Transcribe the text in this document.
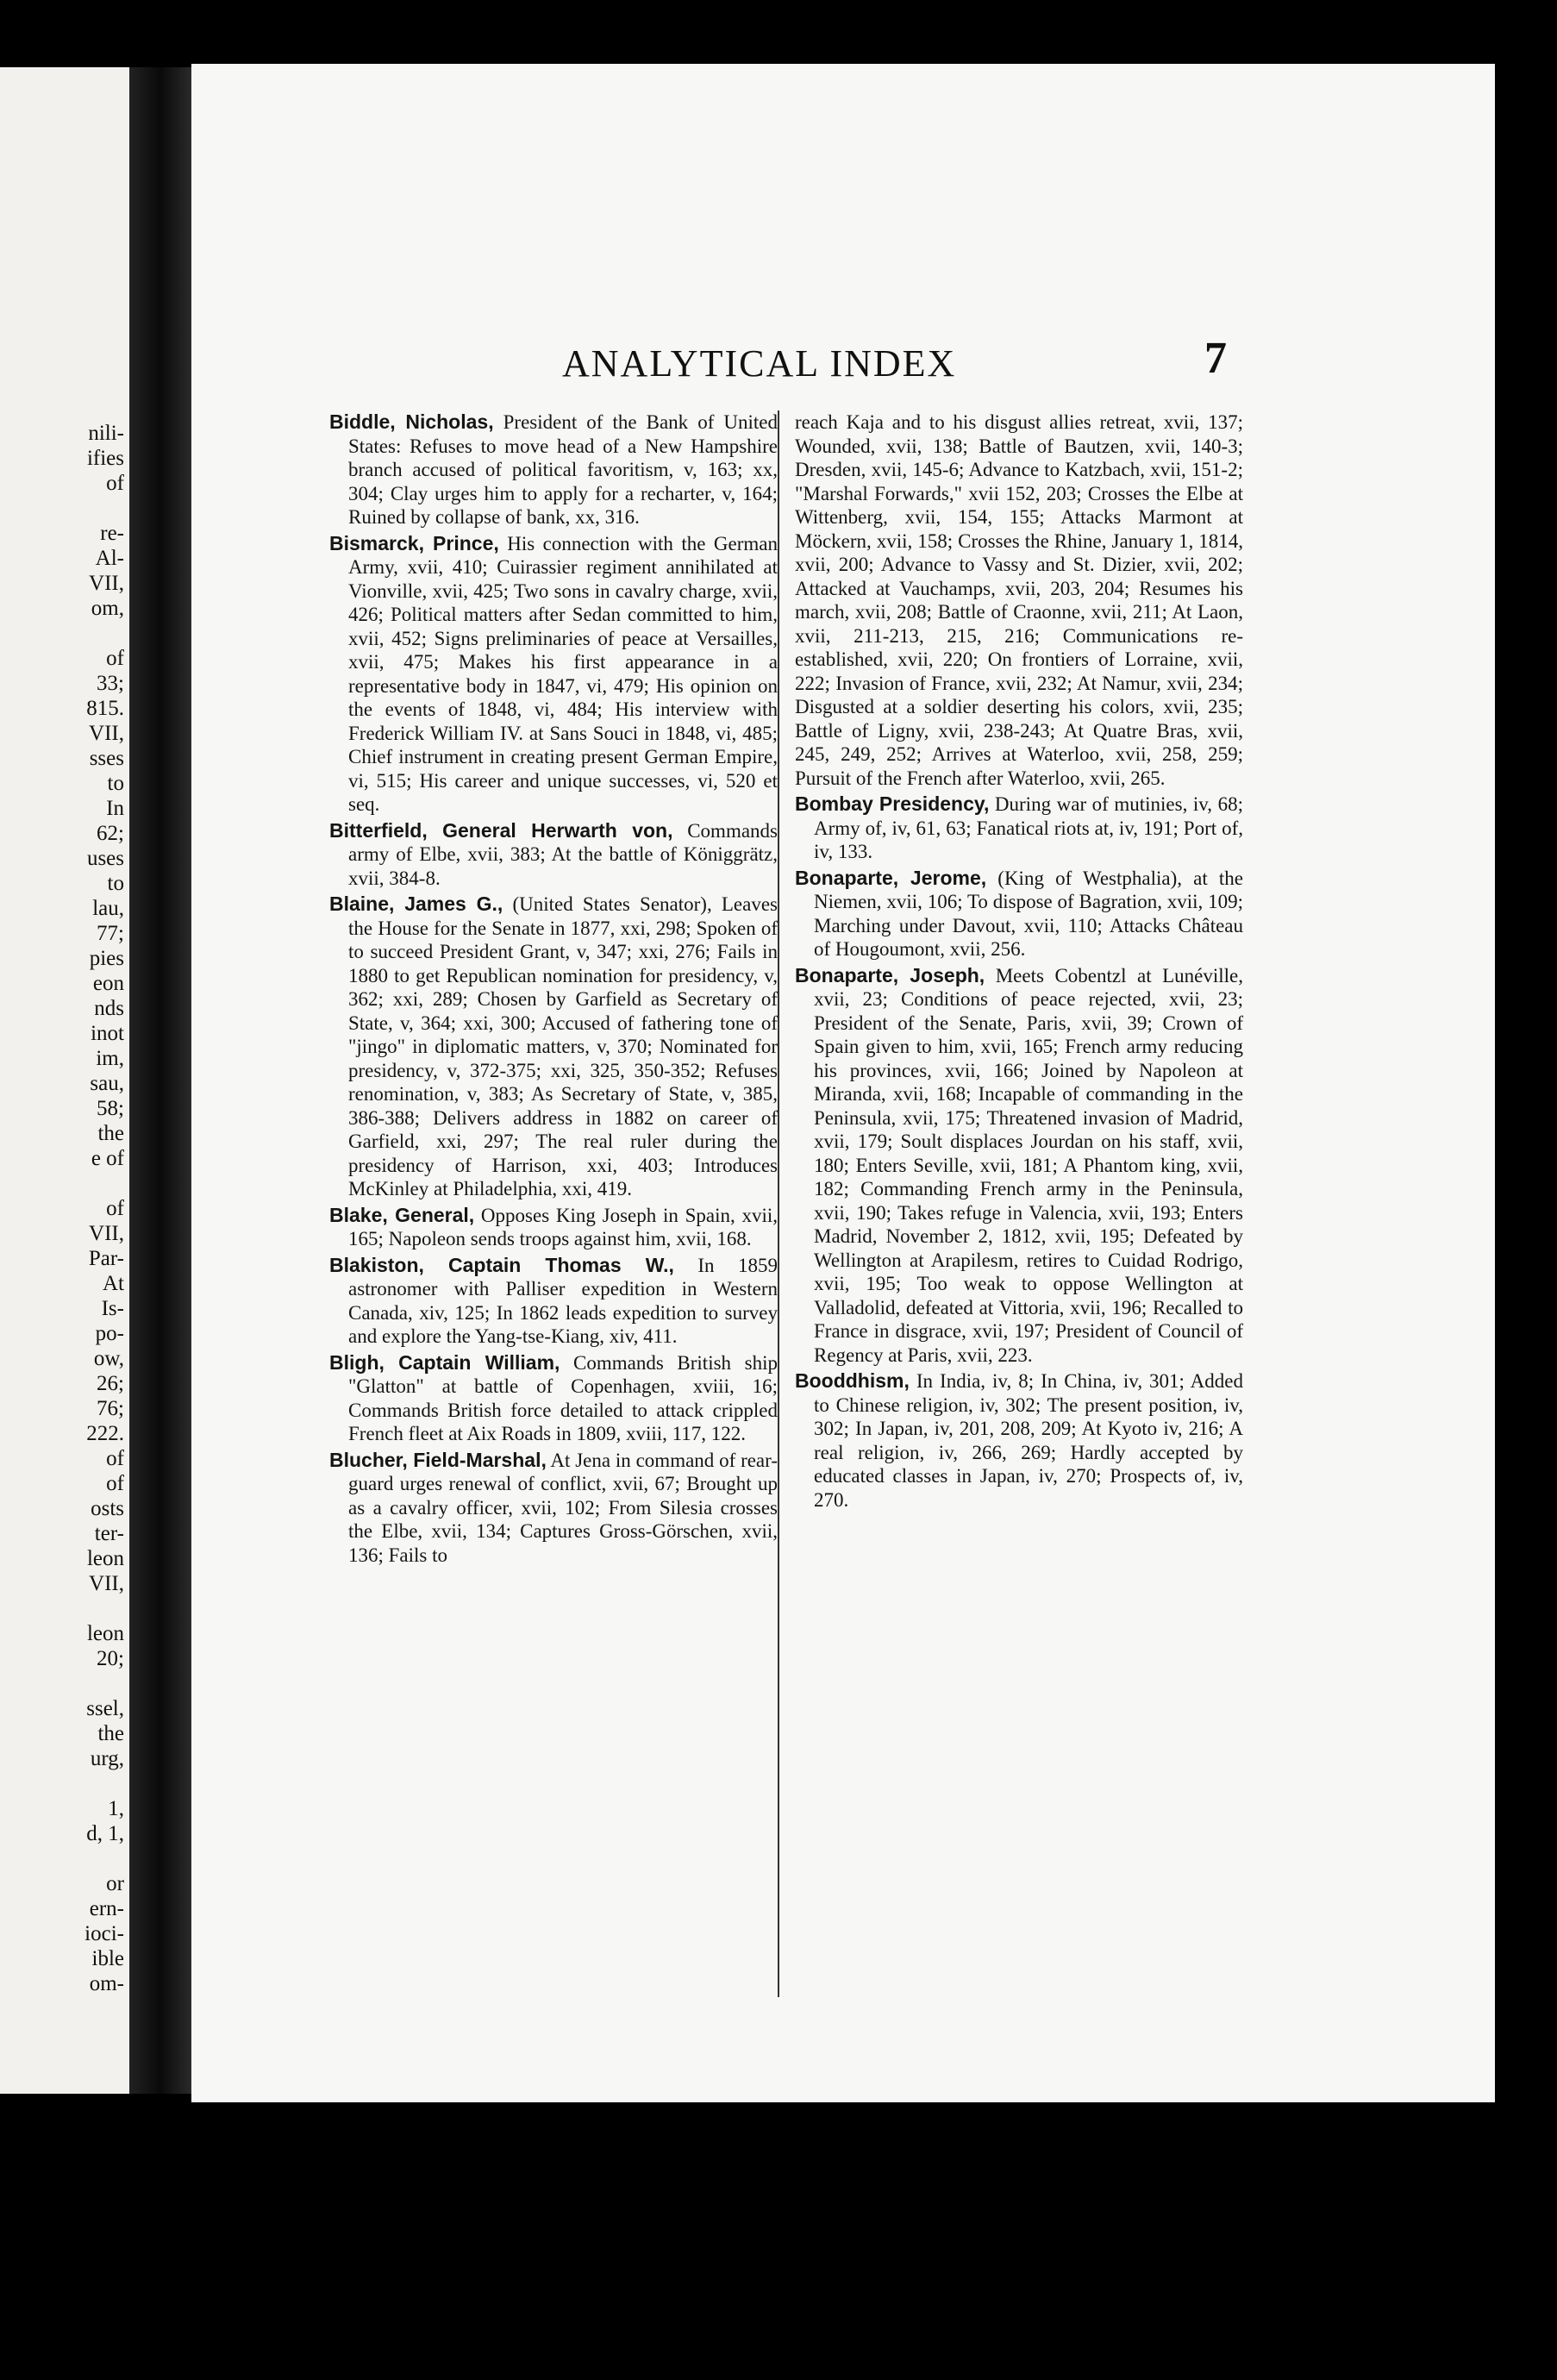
nili-
ifies
of

re-
Al-
VII,
om,

of
33;
815.
VII,
sses
to
In
62;
uses
to
lau,
77;
pies
eon
nds
inot
im,
sau,
58;
the
e of

of
VII,
Par-
At
Is-
po-
ow,
26;
76;
222.
of
of
osts
ter-
leon
VII,

leon
20;

ssel,
the
urg,

1,
d, 1,

or
ern-
ioci-
ible
om-
ANALYTICAL INDEX	7

Biddle, Nicholas, President of the Bank of United States: Refuses to move head of a New Hampshire branch accused of political favoritism, v, 163; xx, 304; Clay urges him to apply for a recharter, v, 164; Ruined by collapse of bank, xx, 316.

Bismarck, Prince, His connection with the German Army, xvii, 410; Cuirassier regiment annihilated at Vionville, xvii, 425; Two sons in cavalry charge, xvii, 426; Political matters after Sedan committed to him, xvii, 452; Signs preliminaries of peace at Versailles, xvii, 475; Makes his first appearance in a representative body in 1847, vi, 479; His opinion on the events of 1848, vi, 484; His interview with Frederick William IV. at Sans Souci in 1848, vi, 485; Chief instrument in creating present German Empire, vi, 515; His career and unique successes, vi, 520 et seq.

Bitterfield, General Herwarth von, Commands army of Elbe, xvii, 383; At the battle of Königgrätz, xvii, 384-8.

Blaine, James G., (United States Senator), Leaves the House for the Senate in 1877, xxi, 298; Spoken of to succeed President Grant, v, 347; xxi, 276; Fails in 1880 to get Republican nomination for presidency, v, 362; xxi, 289; Chosen by Garfield as Secretary of State, v, 364; xxi, 300; Accused of fathering tone of "jingo" in diplomatic matters, v, 370; Nominated for presidency, v, 372-375; xxi, 325, 350-352; Refuses renomination, v, 383; As Secretary of State, v, 385, 386-388; Delivers address in 1882 on career of Garfield, xxi, 297; The real ruler during the presidency of Harrison, xxi, 403; Introduces McKinley at Philadelphia, xxi, 419.

Blake, General, Opposes King Joseph in Spain, xvii, 165; Napoleon sends troops against him, xvii, 168.

Blakiston, Captain Thomas W., In 1859 astronomer with Palliser expedition in Western Canada, xiv, 125; In 1862 leads expedition to survey and explore the Yang-tse-Kiang, xiv, 411.

Bligh, Captain William, Commands British ship "Glatton" at battle of Copenhagen, xviii, 16; Commands British force detailed to attack crippled French fleet at Aix Roads in 1809, xviii, 117, 122.

Blucher, Field-Marshal, At Jena in command of rear-guard urges renewal of conflict, xvii, 67; Brought up as a cavalry officer, xvii, 102; From Silesia crosses the Elbe, xvii, 134; Captures Gross-Görschen, xvii, 136; Fails to

reach Kaja and to his disgust allies retreat, xvii, 137; Wounded, xvii, 138; Battle of Bautzen, xvii, 140-3; Dresden, xvii, 145-6; Advance to Katzbach, xvii, 151-2; "Marshal Forwards," xvii 152, 203; Crosses the Elbe at Wittenberg, xvii, 154, 155; Attacks Marmont at Möckern, xvii, 158; Crosses the Rhine, January 1, 1814, xvii, 200; Advance to Vassy and St. Dizier, xvii, 202; Attacked at Vauchamps, xvii, 203, 204; Resumes his march, xvii, 208; Battle of Craonne, xvii, 211; At Laon, xvii, 211-213, 215, 216; Communications re-established, xvii, 220; On frontiers of Lorraine, xvii, 222; Invasion of France, xvii, 232; At Namur, xvii, 234; Disgusted at a soldier deserting his colors, xvii, 235; Battle of Ligny, xvii, 238-243; At Quatre Bras, xvii, 245, 249, 252; Arrives at Waterloo, xvii, 258, 259; Pursuit of the French after Waterloo, xvii, 265.

Bombay Presidency, During war of mutinies, iv, 68; Army of, iv, 61, 63; Fanatical riots at, iv, 191; Port of, iv, 133.

Bonaparte, Jerome, (King of Westphalia), at the Niemen, xvii, 106; To dispose of Bagration, xvii, 109; Marching under Davout, xvii, 110; Attacks Château of Hougoumont, xvii, 256.

Bonaparte, Joseph, Meets Cobentzl at Lunéville, xvii, 23; Conditions of peace rejected, xvii, 23; President of the Senate, Paris, xvii, 39; Crown of Spain given to him, xvii, 165; French army reducing his provinces, xvii, 166; Joined by Napoleon at Miranda, xvii, 168; Incapable of commanding in the Peninsula, xvii, 175; Threatened invasion of Madrid, xvii, 179; Soult displaces Jourdan on his staff, xvii, 180; Enters Seville, xvii, 181; A Phantom king, xvii, 182; Commanding French army in the Peninsula, xvii, 190; Takes refuge in Valencia, xvii, 193; Enters Madrid, November 2, 1812, xvii, 195; Defeated by Wellington at Arapilesm, retires to Cuidad Rodrigo, xvii, 195; Too weak to oppose Wellington at Valladolid, defeated at Vittoria, xvii, 196; Recalled to France in disgrace, xvii, 197; President of Council of Regency at Paris, xvii, 223.

Booddhism, In India, iv, 8; In China, iv, 301; Added to Chinese religion, iv, 302; The present position, iv, 302; In Japan, iv, 201, 208, 209; At Kyoto iv, 216; A real religion, iv, 266, 269; Hardly accepted by educated classes in Japan, iv, 270; Prospects of, iv, 270.
